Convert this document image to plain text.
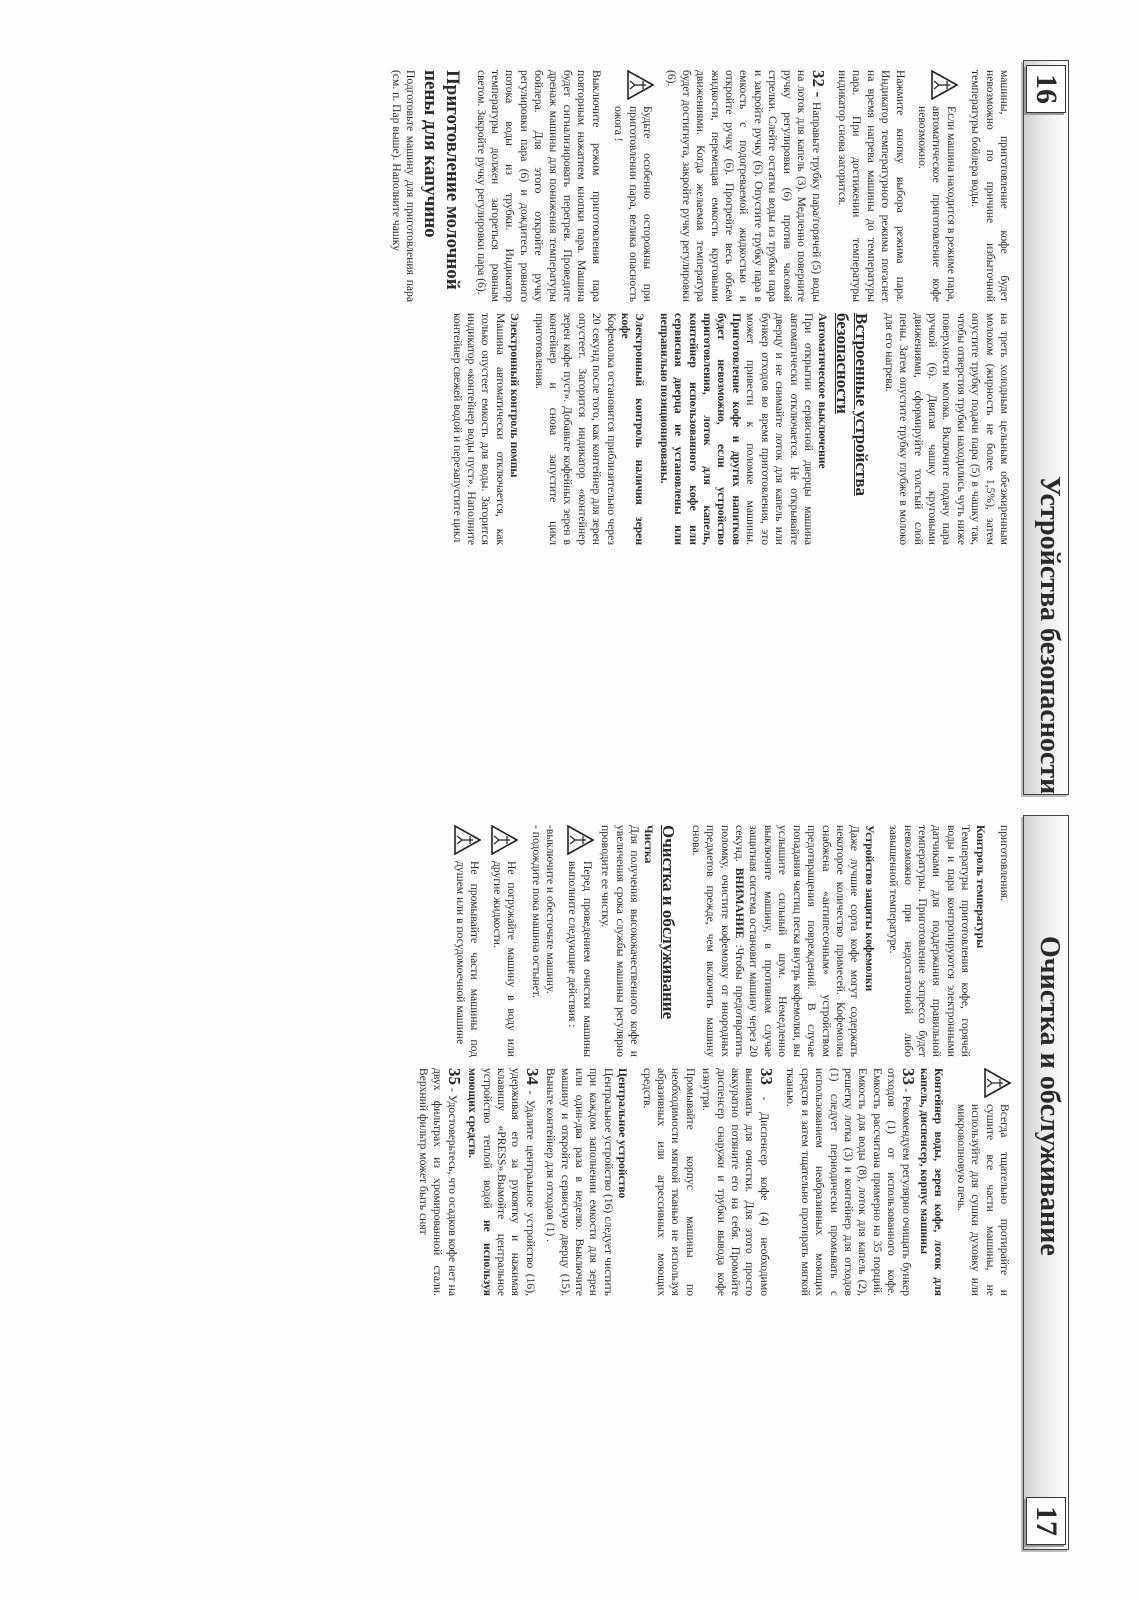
16
Устройства безопасности

машины, приготовление кофе будет невозможно по причине избыточной температуры бойлера воды.

Если машина находится в режиме пара, автоматическое приготовление кофе невозможно.

Нажмите кнопку выбора режима пара. Индикатор температурного режима погаснет на время нагрева машины до температуры пара. При достижении температуры индикатор снова загорится.

32 - Направьте трубку пара/горячей (5) воды на лоток для капель (3). Медленно поверните ручку регулировки (6) против часовой стрелки. Слейте остатки воды из трубки пара и закройте ручку (6). Опустите трубку пара в емкость с подогреваемой жидкостью и откройте ручку (6). Прогрейте весь объем жидкости, перемещая емкость круговыми движениями. Когда желаемая температура будет достигнута, закройте ручку регулировки (6).

Будьте особенно осторожны при приготовлении пара, велика опасность ожога !

Выключите режим приготовления пара повторным нажатием кнопки пара. Машина будет сигнализировать перегрев. Проведите дренаж машины для понижения температуры бойлера. Для этого откройте ручку регулировки пара (6) и дождитесь ровного потока воды из трубки. Индикатор температуры должен загореться ровным светом. Закройте ручку регулировки пара (6).

Приготовление молочной пены для капучино

Подготовьте машину для приготовления пара (см. п. Пар выше). Наполните чашку

на треть холодным цельным обезжиренным молоком (жирность не более 1,5%), затем опустите трубку подачи пара (5) в чашку так, чтобы отверстия трубки находились чуть ниже поверхности молока. Включите подачу пара ручкой (6). Двигая чашку круговыми движениями, сформируйте толстый слой пены. Затем опустите трубку глубже в молоко для его нагрева.

Встроенные устройства безопасности

Автоматическое выключение

При открытии сервисной дверцы машина автоматически отключается. Не открывайте дверцу и не снимайте лоток для капель или бункер отходов во время приготовления, это может привести к поломке машины. Приготовление кофе и других напитков будет невозможно, если устройство приготовления, лоток для капель, контейнер использованного кофе или сервисная дверца не установлены или неправильно позиционированы.

Электронный контроль наличия зерен кофе

Кофемолка остановится приблизительно через 20 секунд после того, как контейнер для зерен опустеет. Загорится индикатор «контейнер зерен кофе пуст». Добавьте кофейных зерен в контейнер и снова запустите цикл приготовления.

Электронный контроль помпы

Машина автоматически отключается, как только опустеет емкость для воды. Загорится индикатор «контейнер воды пуст». Наполните контейнер свежей водой и перезапустите цикл

Очистка и обслуживание
17

приготовления.

Контроль температуры

Температуры приготовления кофе, горячей воды и пара контролируются электронными датчиками для поддержания правильной температуры. Приготовление эспрессо будет невозможно при недостаточной либо завышенной температуре.

Устройство защиты кофемолки

Даже лучшие сорта кофе могут содержать некоторое количество примесей. Кофемолка снабжена «антипесочным» устройством предотвращения повреждений. В случае попадания частиц песка внутрь кофемолки, вы услышите сильный шум. Немедленно выключите машину, в противном случае защитная система остановит машину через 20 секунд. ВНИМАНИЕ :Чтобы предотвратить поломку, очистите кофемолку от инородных предметов прежде, чем включить машину снова.

Очистка и обслуживание

Чистка

Для получения высококачественного кофе и увеличения срока службы машины регулярно проводите ее чистку.

Перед проведением очистки машины выполните следующие действия :

-выключите и обесточьте машину.

- подождите пока машина остынет.

Не погружайте машину в воду или другие жидкости.
Не промывайте части машины под душем или в посудомоечной машине
Всегда тщательно протирайте и сушите все части машины, не используйте для сушки духовку или микроволновую печь.

Контейнер воды, зерен кофе, лоток для капель, диспенсер, корпус машины

33 - Рекомендуем регулярно очищать бункер отходов (1) от использованного кофе. Емкость рассчитана примерно на 35 порций. Емкость для воды (8), лоток для капель (2), решетку лотка (3) и контейнер для отходов (1) следует периодически промывать с использованием неабразивных моющих средств и затем тщательно протирать мягкой тканью.

33 - Диспенсер кофе (4) необходимо вынимать для очистки. Для этого просто аккуратно потяните его на себя. Промойте диспенсер снаружи и трубки вывода кофе изнутри.

Промывайте корпус машины по необходимости мягкой тканью не используя абразивных или агрессивных моющих средств.

Центральное устройство

Центральное устройство (16) следует чистить при каждом заполнении емкости для зерен или один-два раза в неделю. Выключите машину и откройте сервисную дверцу (15). Выньте контейнер для отходов (1) .

34 - Удалите центральное устройство (16), удерживая его за рукоятку и нажимая клавишу «PRESS».Вымойте центральное устройство теплой водой не используя моющих средств.

35 - Удостоверьтесь, что осадков кофе нет на двух фильтрах из хромированной стали. Верхний фильтр может быть снят
